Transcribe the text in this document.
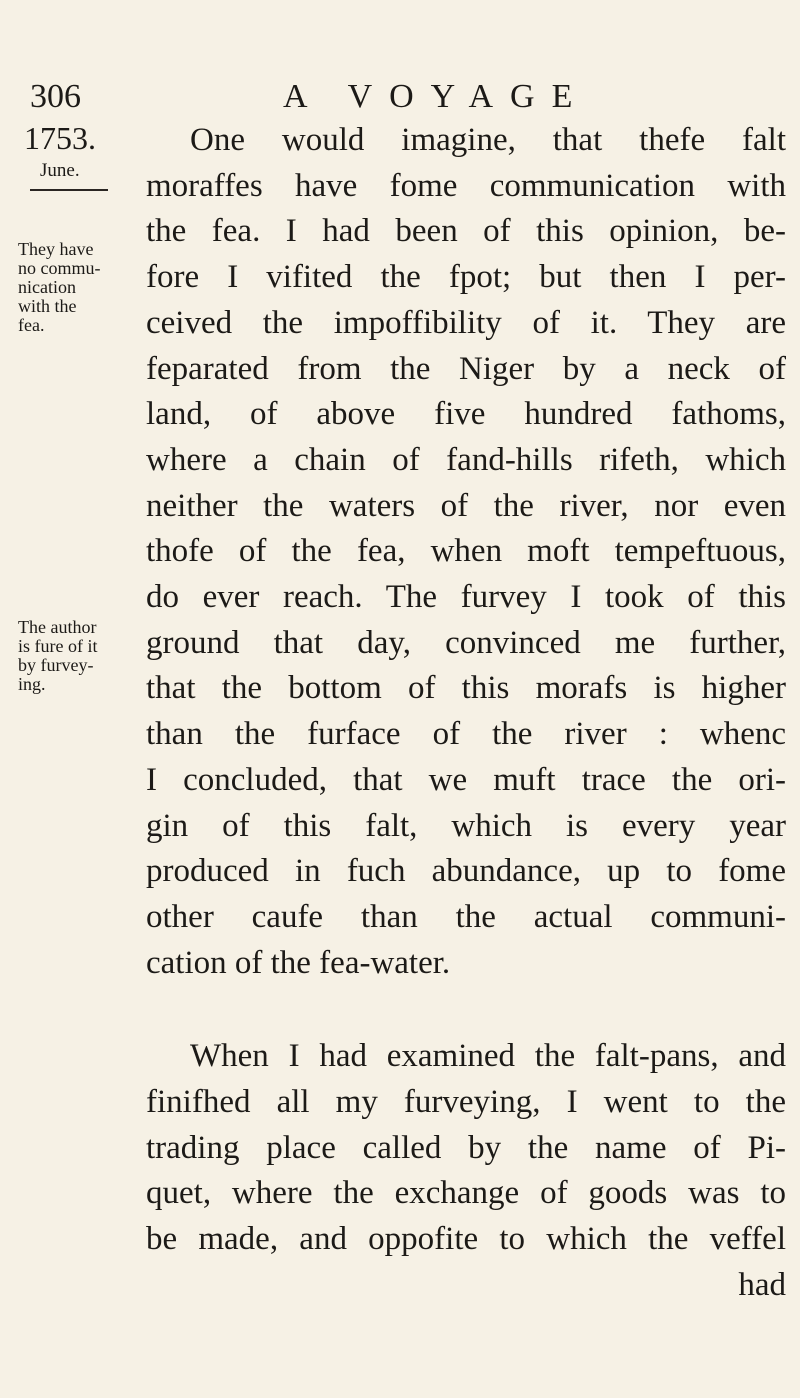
306	A VOYAGE
1753.
June.
They have
no commu-
nication
with the
fea.
The author
is fure of it
by furvey-
ing.
One would imagine, that thefe falt
moraffes have fome communication with
the fea. I had been of this opinion, be-
fore I vifited the fpot; but then I per-
ceived the impoffibility of it. They are
feparated from the Niger by a neck of
land, of above five hundred fathoms,
where a chain of fand-hills rifeth, which
neither the waters of the river, nor even
thofe of the fea, when moft tempeftuous,
do ever reach. The furvey I took of this
ground that day, convinced me further,
that the bottom of this morafs is higher
than the furface of the river : whenc
I concluded, that we muft trace the ori-
gin of this falt, which is every year
produced in fuch abundance, up to fome
other caufe than the actual communi-
cation of the fea-water.
When I had examined the falt-pans, and
finifhed all my furveying, I went to the
trading place called by the name of Pi-
quet, where the exchange of goods was to
be made, and oppofite to which the veffel
had
